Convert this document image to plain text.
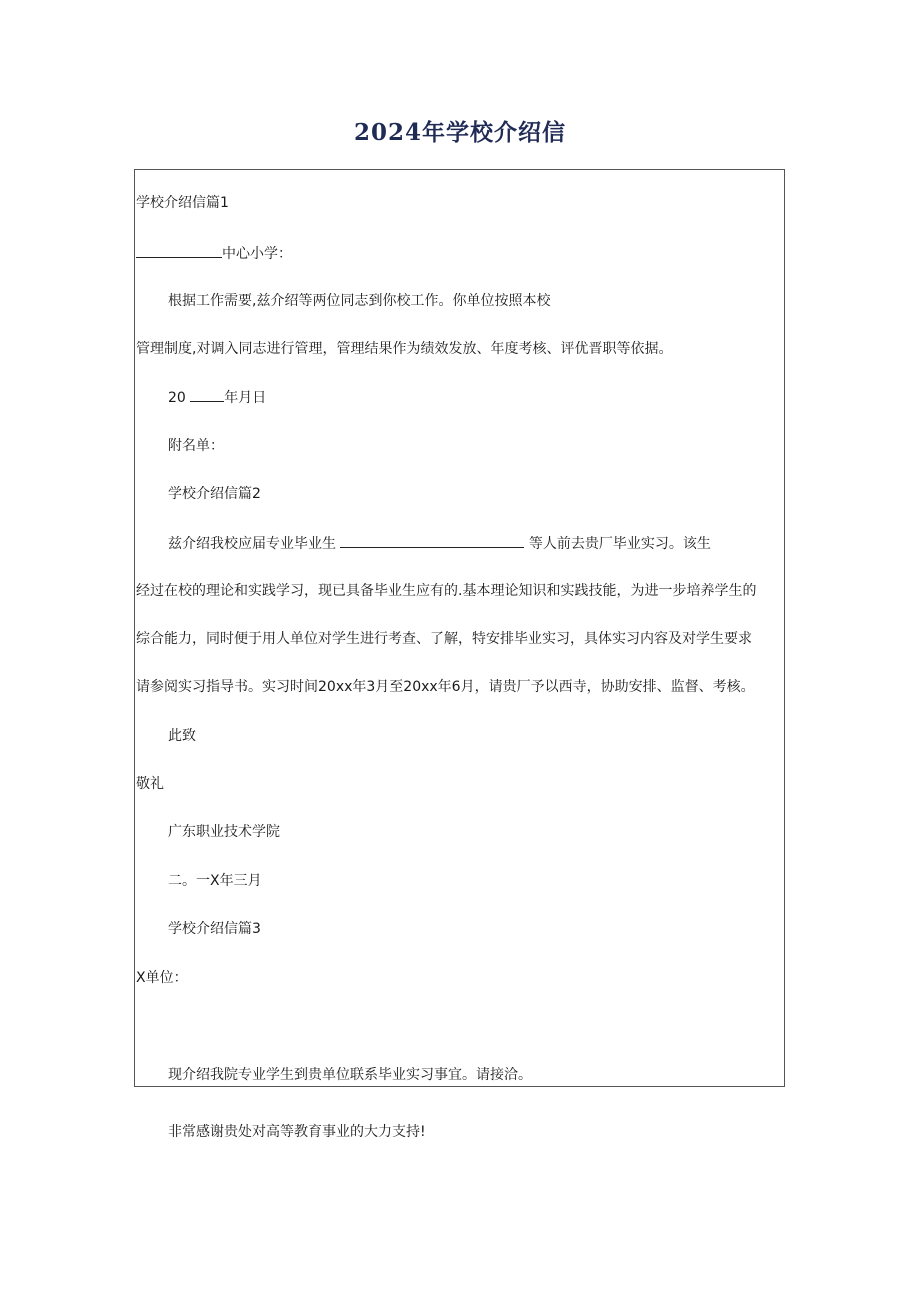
2024年学校介绍信
学校介绍信篇1
中心小学：
根据工作需要,兹介绍等两位同志到你校工作。你单位按照本校
管理制度,对调入同志进行管理，管理结果作为绩效发放、年度考核、评优晋职等依据。
20	年月日
附名单：
学校介绍信篇2
兹介绍我校应届专业毕业生	等人前去贵厂毕业实习。该生
经过在校的理论和实践学习，现已具备毕业生应有的.基本理论知识和实践技能，为进一步培养学生的
综合能力，同时便于用人单位对学生进行考查、了解，特安排毕业实习，具体实习内容及对学生要求
请参阅实习指导书。实习时间20xx年3月至20xx年6月，请贵厂予以西寺，协助安排、监督、考核。
此致
敬礼
广东职业技术学院
二。一X年三月
学校介绍信篇3
X单位：
现介绍我院专业学生到贵单位联系毕业实习事宜。请接洽。
非常感谢贵处对高等教育事业的大力支持!
